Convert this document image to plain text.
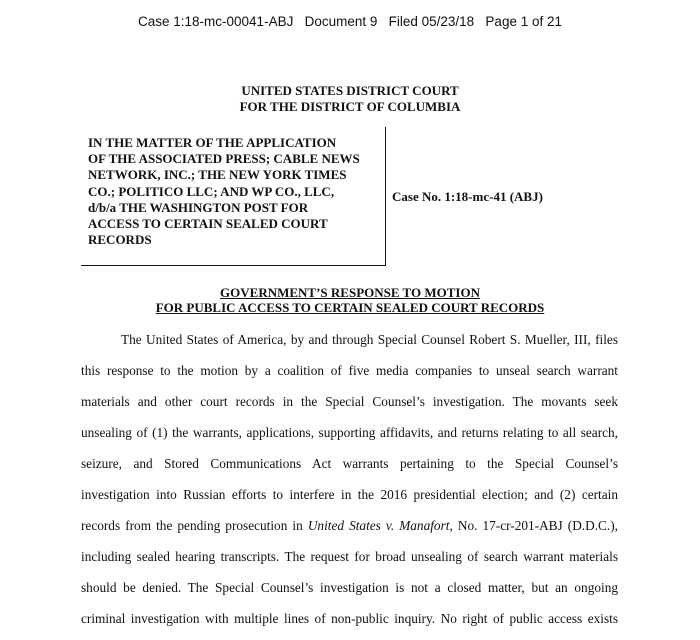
Case 1:18-mc-00041-ABJ   Document 9   Filed 05/23/18   Page 1 of 21
UNITED STATES DISTRICT COURT
FOR THE DISTRICT OF COLUMBIA
IN THE MATTER OF THE APPLICATION
OF THE ASSOCIATED PRESS; CABLE NEWS
NETWORK, INC.; THE NEW YORK TIMES
CO.; POLITICO LLC; AND WP CO., LLC,
d/b/a THE WASHINGTON POST FOR
ACCESS TO CERTAIN SEALED COURT
RECORDS
Case No. 1:18-mc-41 (ABJ)
GOVERNMENT’S RESPONSE TO MOTION
FOR PUBLIC ACCESS TO CERTAIN SEALED COURT RECORDS
The United States of America, by and through Special Counsel Robert S. Mueller, III, files
this response to the motion by a coalition of five media companies to unseal search warrant
materials and other court records in the Special Counsel’s investigation. The movants seek
unsealing of (1) the warrants, applications, supporting affidavits, and returns relating to all search,
seizure, and Stored Communications Act warrants pertaining to the Special Counsel’s
investigation into Russian efforts to interfere in the 2016 presidential election; and (2) certain
records from the pending prosecution in United States v. Manafort, No. 17-cr-201-ABJ (D.D.C.),
including sealed hearing transcripts. The request for broad unsealing of search warrant materials
should be denied. The Special Counsel’s investigation is not a closed matter, but an ongoing
criminal investigation with multiple lines of non-public inquiry. No right of public access exists
